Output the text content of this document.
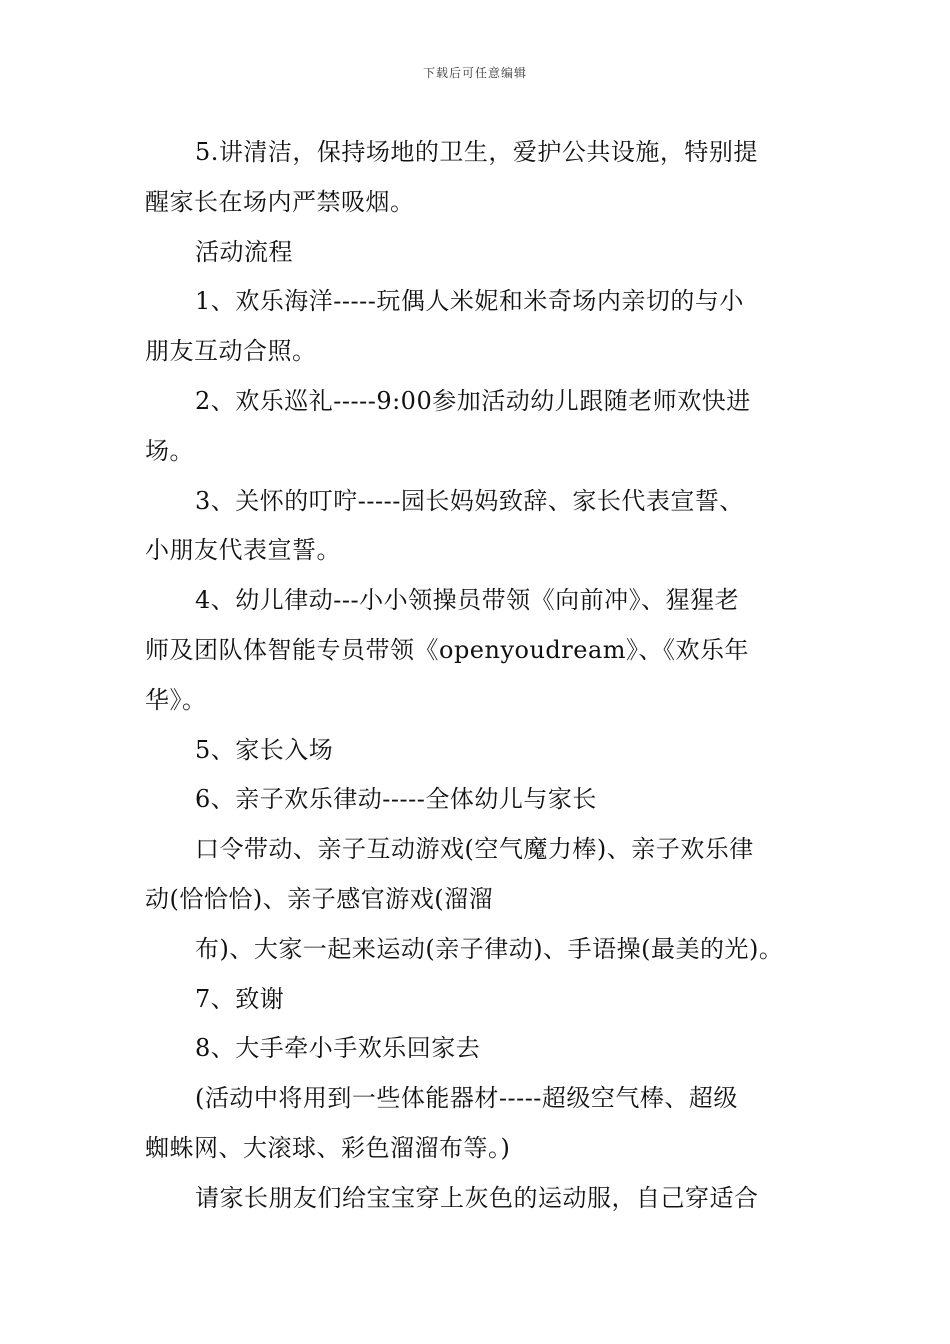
下载后可任意编辑

5.讲清洁，保持场地的卫生，爱护公共设施，特别提
醒家长在场内严禁吸烟。

活动流程

1、欢乐海洋-----玩偶人米妮和米奇场内亲切的与小
朋友互动合照。

2、欢乐巡礼-----9:00参加活动幼儿跟随老师欢快进
场。

3、关怀的叮咛-----园长妈妈致辞、家长代表宣誓、
小朋友代表宣誓。

4、幼儿律动---小小领操员带领《向前冲》、猩猩老
师及团队体智能专员带领《openyoudream》、《欢乐年
华》。

5、家长入场

6、亲子欢乐律动-----全体幼儿与家长

口令带动、亲子互动游戏(空气魔力棒)、亲子欢乐律
动(恰恰恰)、亲子感官游戏(溜溜

布)、大家一起来运动(亲子律动)、手语操(最美的光)。

7、致谢

8、大手牵小手欢乐回家去

(活动中将用到一些体能器材-----超级空气棒、超级
蜘蛛网、大滚球、彩色溜溜布等。)

请家长朋友们给宝宝穿上灰色的运动服，自己穿适合
